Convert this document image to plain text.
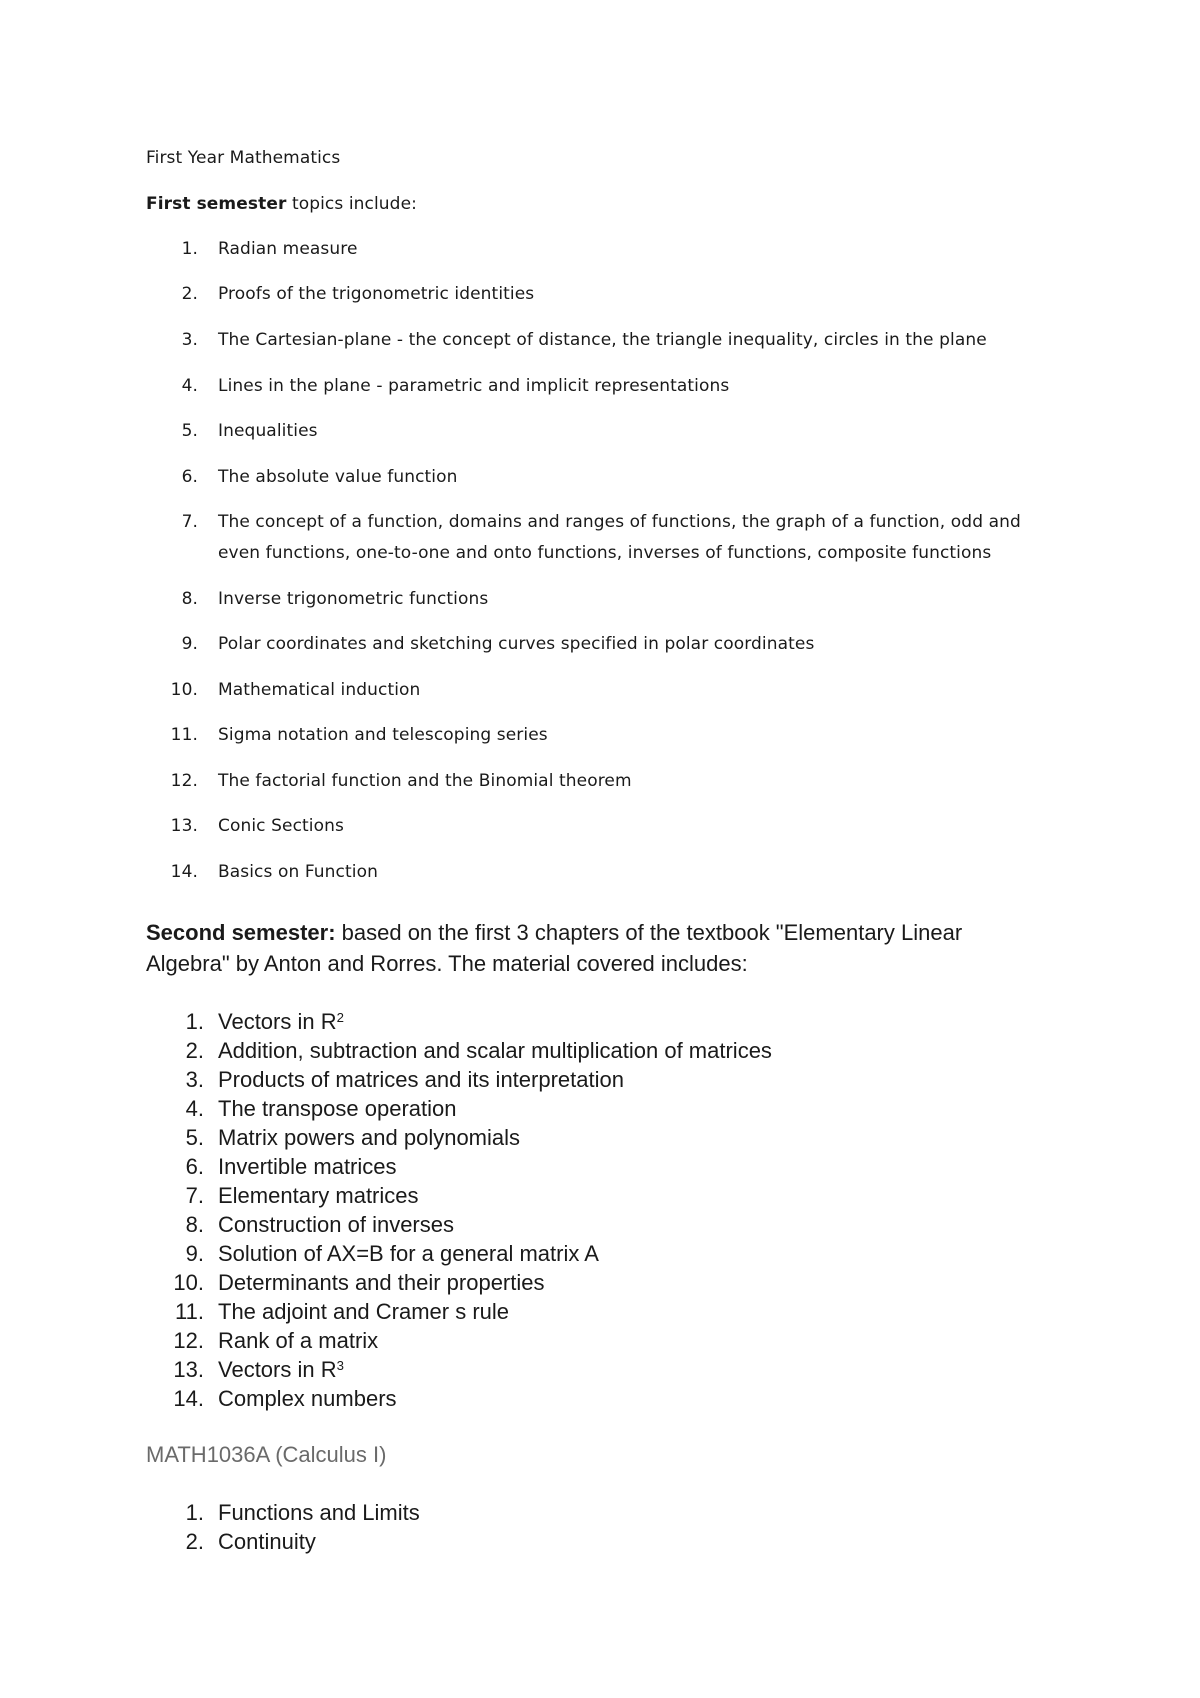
First Year Mathematics
First semester topics include:
1. Radian measure
2. Proofs of the trigonometric identities
3. The Cartesian-plane - the concept of distance, the triangle inequality, circles in the plane
4. Lines in the plane - parametric and implicit representations
5. Inequalities
6. The absolute value function
7. The concept of a function, domains and ranges of functions, the graph of a function, odd and
even functions, one-to-one and onto functions, inverses of functions, composite functions
8. Inverse trigonometric functions
9. Polar coordinates and sketching curves specified in polar coordinates
10. Mathematical induction
11. Sigma notation and telescoping series
12. The factorial function and the Binomial theorem
13. Conic Sections
14. Basics on Function
Second semester: based on the first 3 chapters of the textbook "Elementary Linear
Algebra" by Anton and Rorres. The material covered includes:
1. Vectors in $R^2$
2. Addition, subtraction and scalar multiplication of matrices
3. Products of matrices and its interpretation
4. The transpose operation
5. Matrix powers and polynomials
6. Invertible matrices
7. Elementary matrices
8. Construction of inverses
9. Solution of AX=B for a general matrix A
10. Determinants and their properties
11. The adjoint and Cramer s rule
12. Rank of a matrix
13. Vectors in $R^3$
14. Complex numbers
MATH1036A (Calculus I)
1. Functions and Limits
2. Continuity
